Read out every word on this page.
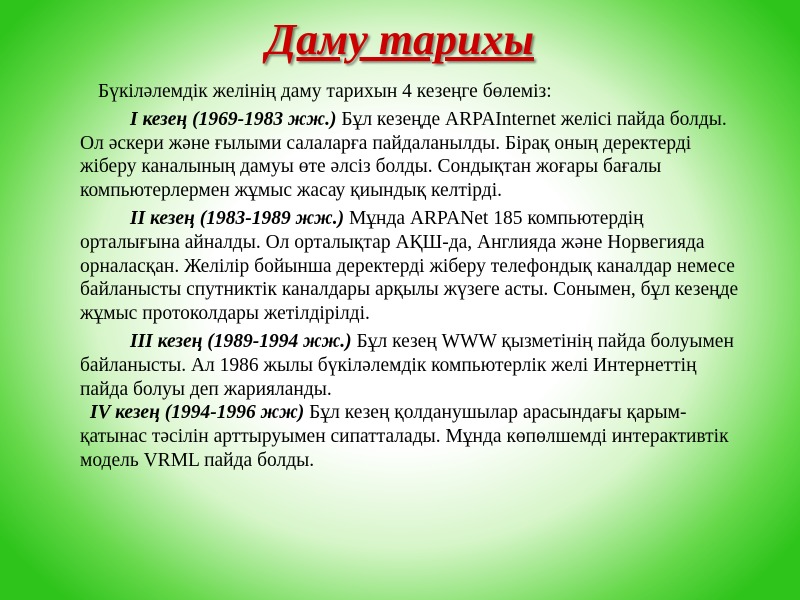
Даму тарихы

Бүкіләлемдік желінің даму тарихын 4 кезеңге бөлеміз:

I кезең (1969-1983 жж.) Бұл кезеңде ARPAInternet желісі пайда болды. Ол әскери және ғылыми салаларға пайдаланылды. Бірақ оның деректерді жіберу каналының дамуы өте әлсіз болды. Сондықтан жоғары бағалы компьютерлермен жұмыс жасау қиындық келтірді.

II кезең (1983-1989 жж.) Мұнда ARPANet 185 компьютердің орталығына айналды. Ол орталықтар АҚШ-да, Англияда және Норвегияда орналасқан. Желілір бойынша деректерді жіберу телефондық каналдар немесе байланысты спутниктік каналдары арқылы жүзеге асты. Сонымен, бұл кезеңде жұмыс протоколдары жетілдірілді.

III кезең (1989-1994 жж.) Бұл кезең WWW қызметінің пайда болуымен байланысты. Ал 1986 жылы бүкіләлемдік компьютерлік желі Интернеттің пайда болуы деп жарияланды.

IV кезең (1994-1996 жж) Бұл кезең қолданушылар арасындағы қарым-қатынас тәсілін арттыруымен сипатталады. Мұнда көпөлшемді интерактивтік модель VRML пайда болды.
